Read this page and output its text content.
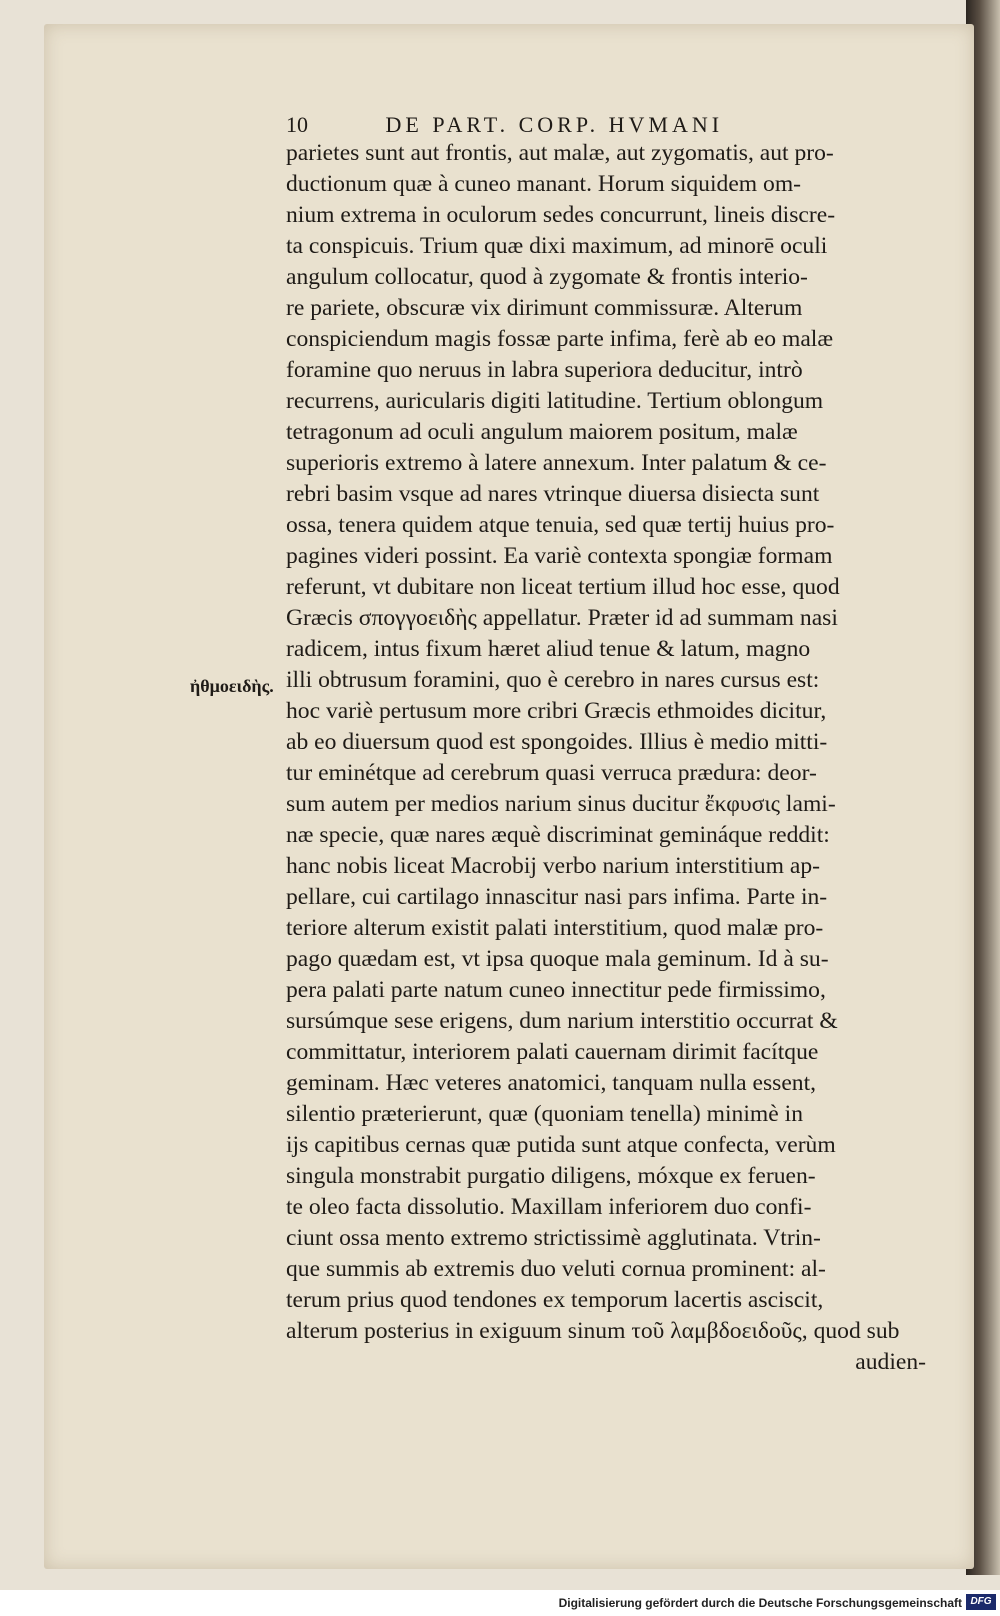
10	DE PART. CORP. HVMANI
ἠθμοειδὴς.
parietes sunt aut frontis, aut malæ, aut zygomatis, aut pro-
ductionum quæ à cuneo manant. Horum siquidem om-
nium extrema in oculorum sedes concurrunt, lineis discre-
ta conspicuis. Trium quæ dixi maximum, ad minorē oculi
angulum collocatur, quod à zygomate & frontis interio-
re pariete, obscuræ vix dirimunt commissuræ. Alterum
conspiciendum magis fossæ parte infima, ferè ab eo malæ
foramine quo neruus in labra superiora deducitur, intrò
recurrens, auricularis digiti latitudine. Tertium oblongum
tetragonum ad oculi angulum maiorem positum, malæ
superioris extremo à latere annexum. Inter palatum & ce-
rebri basim vsque ad nares vtrinque diuersa disiecta sunt
ossa, tenera quidem atque tenuia, sed quæ tertij huius pro-
pagines videri possint. Ea variè contexta spongiæ formam
referunt, vt dubitare non liceat tertium illud hoc esse, quod
Græcis σπογγοειδὴς appellatur. Præter id ad summam nasi
radicem, intus fixum hæret aliud tenue & latum, magno
illi obtrusum foramini, quo è cerebro in nares cursus est:
hoc variè pertusum more cribri Græcis ethmoides dicitur,
ab eo diuersum quod est spongoides. Illius è medio mitti-
tur eminétque ad cerebrum quasi verruca prædura: deor-
sum autem per medios narium sinus ducitur ἔκφυσις lami-
næ specie, quæ nares æquè discriminat gemináque reddit:
hanc nobis liceat Macrobij verbo narium interstitium ap-
pellare, cui cartilago innascitur nasi pars infima. Parte in-
teriore alterum existit palati interstitium, quod malæ pro-
pago quædam est, vt ipsa quoque mala geminum. Id à su-
pera palati parte natum cuneo innectitur pede firmissimo,
sursúmque sese erigens, dum narium interstitio occurrat &
committatur, interiorem palati cauernam dirimit facítque
geminam. Hæc veteres anatomici, tanquam nulla essent,
silentio præterierunt, quæ (quoniam tenella) minimè in
ijs capitibus cernas quæ putida sunt atque confecta, verùm
singula monstrabit purgatio diligens, móxque ex feruen-
te oleo facta dissolutio. Maxillam inferiorem duo confi-
ciunt ossa mento extremo strictissimè agglutinata. Vtrin-
que summis ab extremis duo veluti cornua prominent: al-
terum prius quod tendones ex temporum lacertis asciscit,
alterum posterius in exiguum sinum τοῦ λαμβδοειδοῦς, quod sub
audien-
Digitalisierung gefördert durch die Deutsche Forschungsgemeinschaft DFG
